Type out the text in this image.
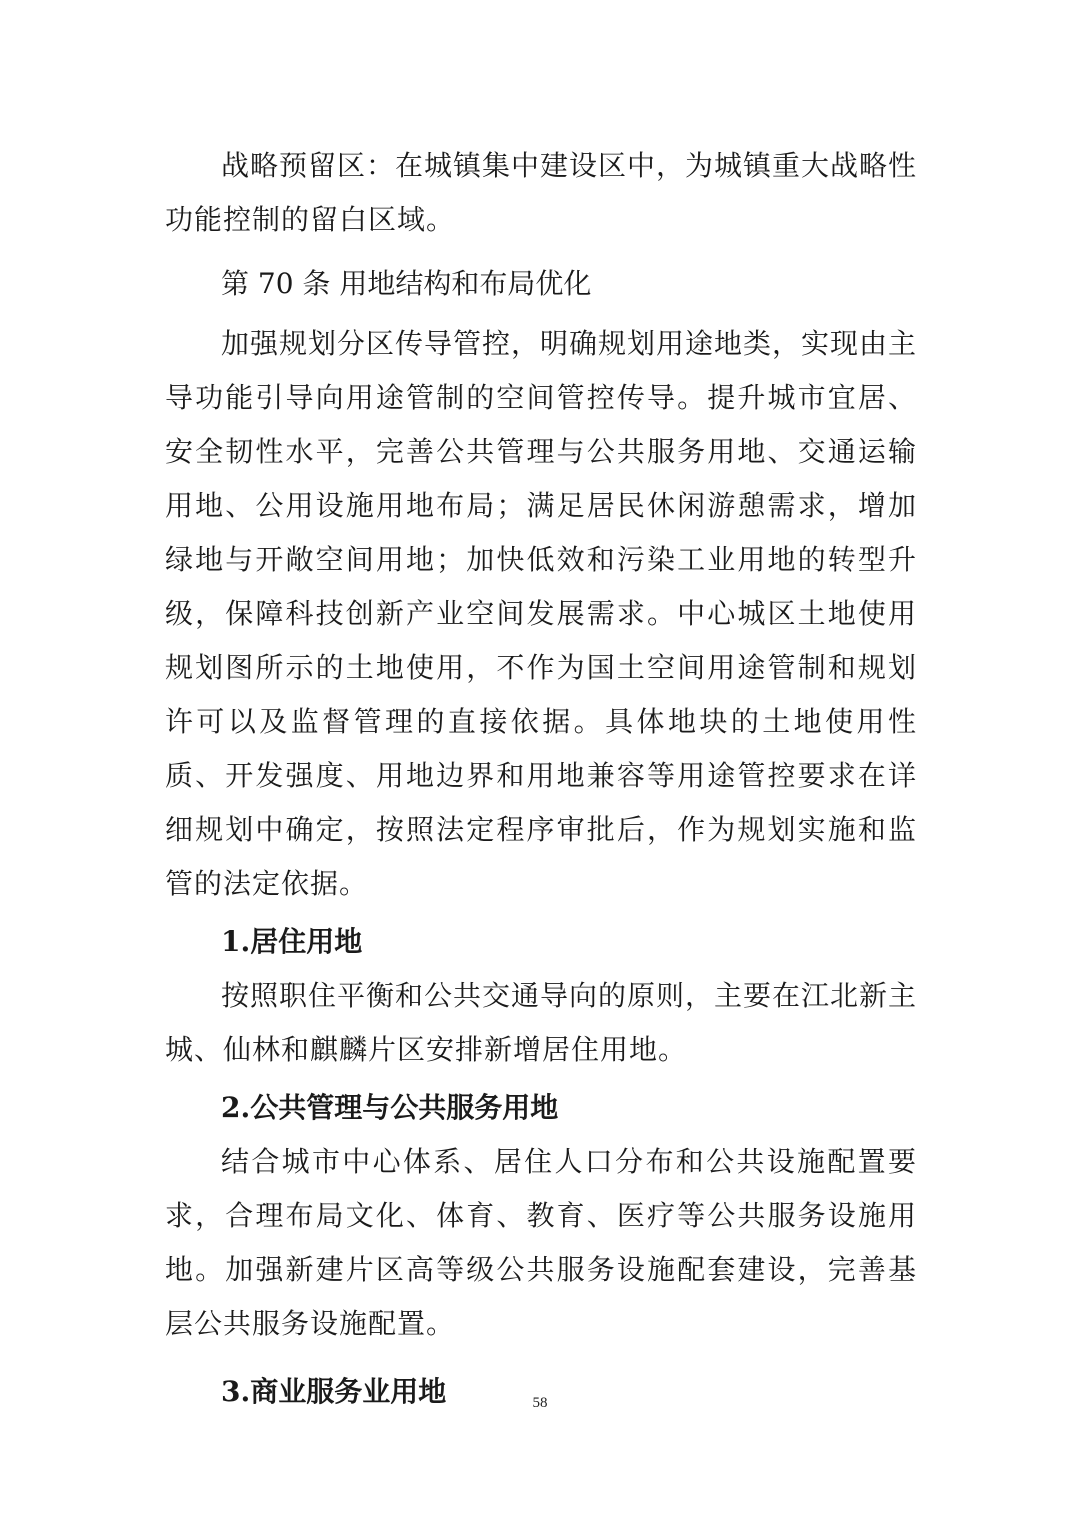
战略预留区：在城镇集中建设区中，为城镇重大战略性功能控制的留白区域。

第 70 条 用地结构和布局优化

加强规划分区传导管控，明确规划用途地类，实现由主导功能引导向用途管制的空间管控传导。提升城市宜居、安全韧性水平，完善公共管理与公共服务用地、交通运输用地、公用设施用地布局；满足居民休闲游憩需求，增加绿地与开敞空间用地；加快低效和污染工业用地的转型升级，保障科技创新产业空间发展需求。中心城区土地使用规划图所示的土地使用，不作为国土空间用途管制和规划许可以及监督管理的直接依据。具体地块的土地使用性质、开发强度、用地边界和用地兼容等用途管控要求在详细规划中确定，按照法定程序审批后，作为规划实施和监管的法定依据。

1.居住用地

按照职住平衡和公共交通导向的原则，主要在江北新主城、仙林和麒麟片区安排新增居住用地。

2.公共管理与公共服务用地

结合城市中心体系、居住人口分布和公共设施配置要求，合理布局文化、体育、教育、医疗等公共服务设施用地。加强新建片区高等级公共服务设施配套建设，完善基层公共服务设施配置。

3.商业服务业用地	58
